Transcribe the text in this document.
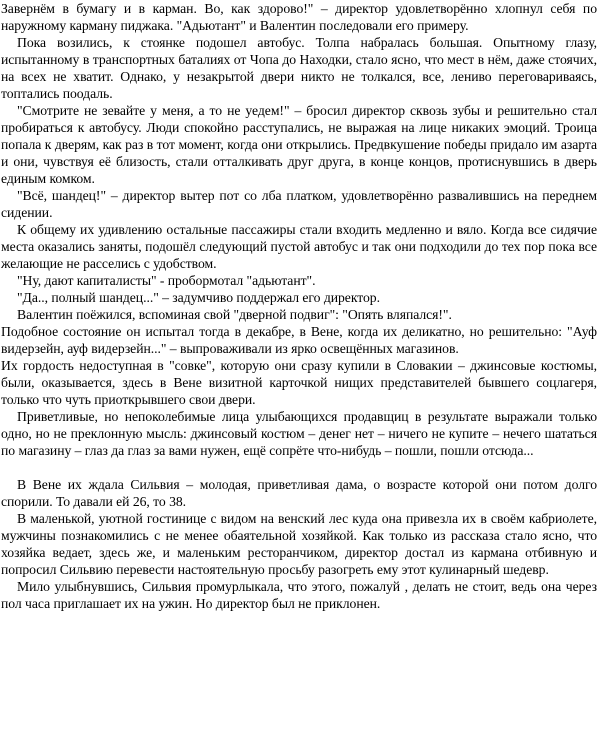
Завернём в бумагу и в карман. Во, как здорово!" – директор удовлетворённо хлопнул себя по наружному карману пиджака. "Адьютант" и Валентин последовали его примеру.

Пока возились, к стоянке подошел автобус. Толпа набралась большая. Опытному глазу, испытанному в транспортных баталиях от Чопа до Находки, стало ясно, что мест в нём, даже стоячих, на всех не хватит. Однако, у незакрытой двери никто не толкался, все, лениво переговариваясь, топтались поодаль.

"Смотрите не зевайте у меня, а то не уедем!" – бросил директор сквозь зубы и решительно стал пробираться к автобусу. Люди спокойно расступались, не выражая на лице никаких эмоций. Троица попала к дверям, как раз в тот момент, когда они открылись. Предвкушение победы придало им азарта и они, чувствуя её близость, стали отталкивать друг друга, в конце концов, протиснувшись в дверь единым комком.

"Всё, шандец!" – директор вытер пот со лба платком, удовлетворённо развалившись на переднем сидении.

К общему их удивлению остальные пассажиры стали входить медленно и вяло. Когда все сидячие места оказались заняты, подошёл следующий пустой автобус и так они подходили до тех пор пока все желающие не расселись с удобством.

"Ну, дают капиталисты" - пробормотал "адьютант".

"Да.., полный шандец..." – задумчиво поддержал его директор.

Валентин поёжился, вспоминая свой "дверной подвиг": "Опять вляпался!".

Подобное состояние он испытал тогда в декабре, в Вене, когда их деликатно, но решительно: "Ауф видерзейн, ауф видерзейн..." – выпроваживали из ярко освещённых магазинов.

Их гордость недоступная в "совке", которую они сразу купили в Словакии – джинсовые костюмы, были, оказывается, здесь в Вене визитной карточкой нищих представителей бывшего соцлагеря, только что чуть приоткрывшего свои двери.

Приветливые, но непоколебимые лица улыбающихся продавщиц в результате выражали только одно, но не преклонную мысль: джинсовый костюм – денег нет – ничего не купите – нечего шататься по магазину – глаз да глаз за вами нужен, ещё сопрёте что-нибудь – пошли, пошли отсюда...

В Вене их ждала Сильвия – молодая, приветливая дама, о возрасте которой они потом долго спорили. То давали ей 26, то 38.

В маленькой, уютной гостинице с видом на венский лес куда она привезла их в своём кабриолете, мужчины познакомились с не менее обаятельной хозяйкой. Как только из рассказа стало ясно, что хозяйка ведает, здесь же, и маленьким ресторанчиком, директор достал из кармана отбивную и попросил Сильвию перевести настоятельную просьбу разогреть ему этот кулинарный шедевр.

Мило улыбнувшись, Сильвия промурлыкала, что этого, пожалуй , делать не стоит, ведь она через пол часа приглашает их на ужин. Но директор был не приклонен.
